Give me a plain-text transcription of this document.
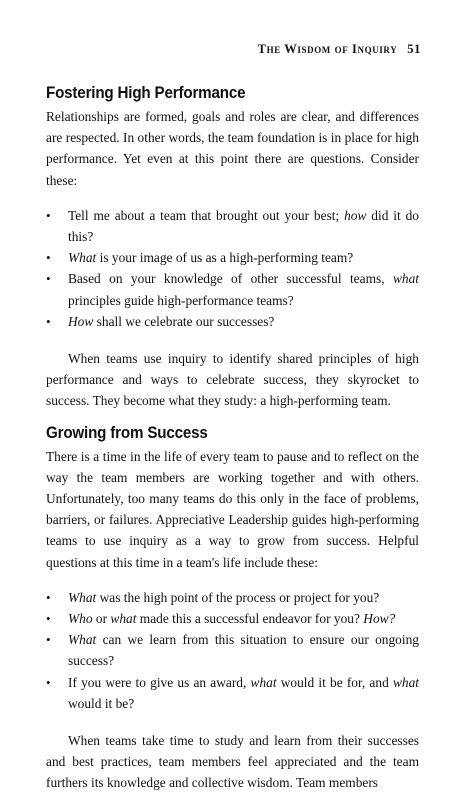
The Wisdom of Inquiry 51
Fostering High Performance

Relationships are formed, goals and roles are clear, and differences are respected. In other words, the team foundation is in place for high performance. Yet even at this point there are questions. Consider these:

• Tell me about a team that brought out your best; how did it do this?
• What is your image of us as a high-performing team?
• Based on your knowledge of other successful teams, what principles guide high-performance teams?
• How shall we celebrate our successes?

When teams use inquiry to identify shared principles of high performance and ways to celebrate success, they skyrocket to success. They become what they study: a high-performing team.

Growing from Success

There is a time in the life of every team to pause and to reflect on the way the team members are working together and with others. Unfortunately, too many teams do this only in the face of problems, barriers, or failures. Appreciative Leadership guides high-performing teams to use inquiry as a way to grow from success. Helpful questions at this time in a team's life include these:

• What was the high point of the process or project for you?
• Who or what made this a successful endeavor for you? How?
• What can we learn from this situation to ensure our ongoing success?
• If you were to give us an award, what would it be for, and what would it be?

When teams take time to study and learn from their successes and best practices, team members feel appreciated and the team furthers its knowledge and collective wisdom. Team members
